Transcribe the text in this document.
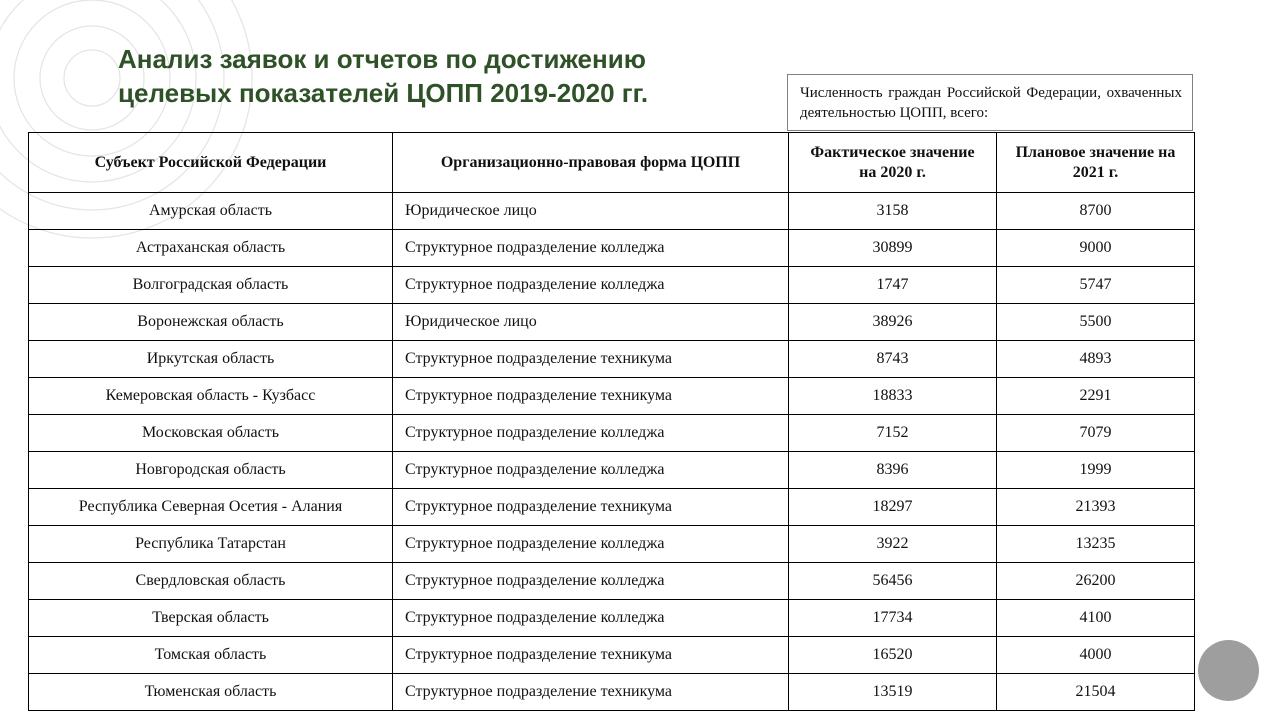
Анализ заявок и отчетов по достижению
целевых показателей ЦОПП 2019-2020 гг.	Численность граждан Российской Федерации, охваченных деятельностью ЦОПП, всего:
Субъект Российской Федерации	Организационно-правовая форма ЦОПП	Фактическое значение на 2020 г.	Плановое значение на 2021 г.
Амурская область	Юридическое лицо	3158	8700
Астраханская область	Структурное подразделение колледжа	30899	9000
Волгоградская область	Структурное подразделение колледжа	1747	5747
Воронежская область	Юридическое лицо	38926	5500
Иркутская область	Структурное подразделение техникума	8743	4893
Кемеровская область - Кузбасс	Структурное подразделение техникума	18833	2291
Московская область	Структурное подразделение колледжа	7152	7079
Новгородская область	Структурное подразделение колледжа	8396	1999
Республика Северная Осетия - Алания	Структурное подразделение техникума	18297	21393
Республика Татарстан	Структурное подразделение колледжа	3922	13235
Свердловская область	Структурное подразделение колледжа	56456	26200
Тверская область	Структурное подразделение колледжа	17734	4100
Томская область	Структурное подразделение техникума	16520	4000
Тюменская область	Структурное подразделение техникума	13519	21504
